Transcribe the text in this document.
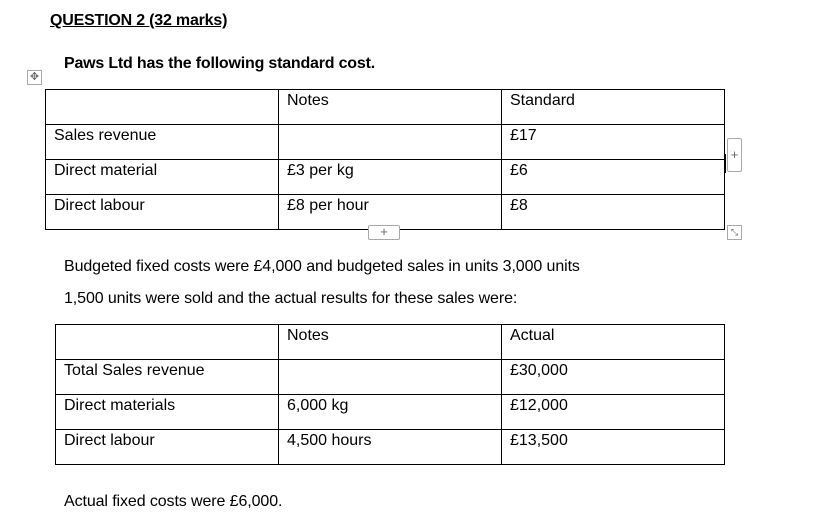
QUESTION 2 (32 marks)
✥
Paws Ltd has the following standard cost.
	Notes	Standard
Sales revenue		£17
Direct material	£3 per kg	£6
Direct labour	£8 per hour	£8
+
+	⤡
Budgeted fixed costs were £4,000 and budgeted sales in units 3,000 units
1,500 units were sold and the actual results for these sales were:
	Notes	Actual
Total Sales revenue		£30,000
Direct materials	6,000 kg	£12,000
Direct labour	4,500 hours	£13,500
Actual fixed costs were £6,000.
